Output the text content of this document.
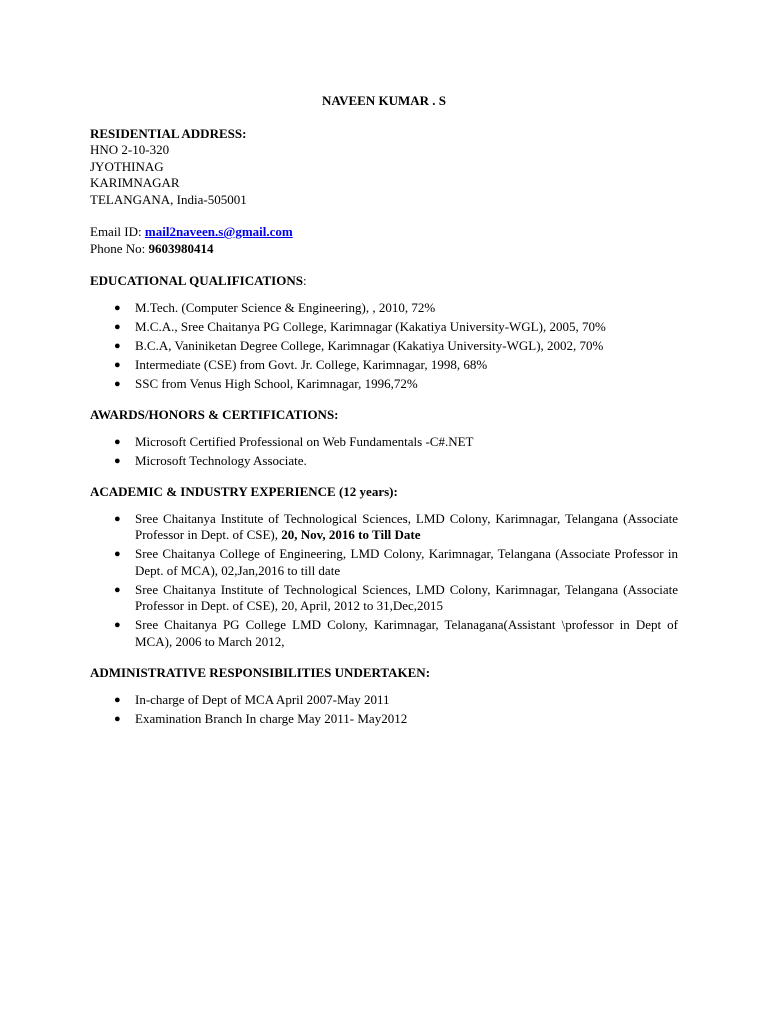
NAVEEN KUMAR . S

RESIDENTIAL ADDRESS:

HNO 2-10-320

JYOTHINAG

KARIMNAGAR

TELANGANA, India-505001

Email ID: mail2naveen.s@gmail.com

Phone No: 9603980414

EDUCATIONAL QUALIFICATIONS:

● M.Tech. (Computer Science & Engineering), , 2010, 72%
● M.C.A., Sree Chaitanya PG College, Karimnagar (Kakatiya University-WGL), 2005, 70%
● B.C.A, Vaniniketan Degree College, Karimnagar (Kakatiya University-WGL), 2002, 70%
● Intermediate (CSE) from Govt. Jr. College, Karimnagar, 1998, 68%
● SSC from Venus High School, Karimnagar, 1996,72%

AWARDS/HONORS & CERTIFICATIONS:

● Microsoft Certified Professional on Web Fundamentals -C#.NET
● Microsoft Technology Associate.

ACADEMIC & INDUSTRY EXPERIENCE (12 years):

● Sree Chaitanya Institute of Technological Sciences, LMD Colony, Karimnagar, Telangana (Associate Professor in Dept. of CSE), 20, Nov, 2016 to Till Date
● Sree Chaitanya College of Engineering, LMD Colony, Karimnagar, Telangana (Associate Professor in Dept. of MCA), 02,Jan,2016 to till date
● Sree Chaitanya Institute of Technological Sciences, LMD Colony, Karimnagar, Telangana (Associate Professor in Dept. of CSE), 20, April, 2012 to 31,Dec,2015
● Sree Chaitanya PG College LMD Colony, Karimnagar, Telanagana(Assistant \professor in Dept of MCA), 2006 to March 2012,

ADMINISTRATIVE RESPONSIBILITIES UNDERTAKEN:

● In-charge of Dept of MCA April 2007-May 2011
● Examination Branch In charge May 2011- May2012
